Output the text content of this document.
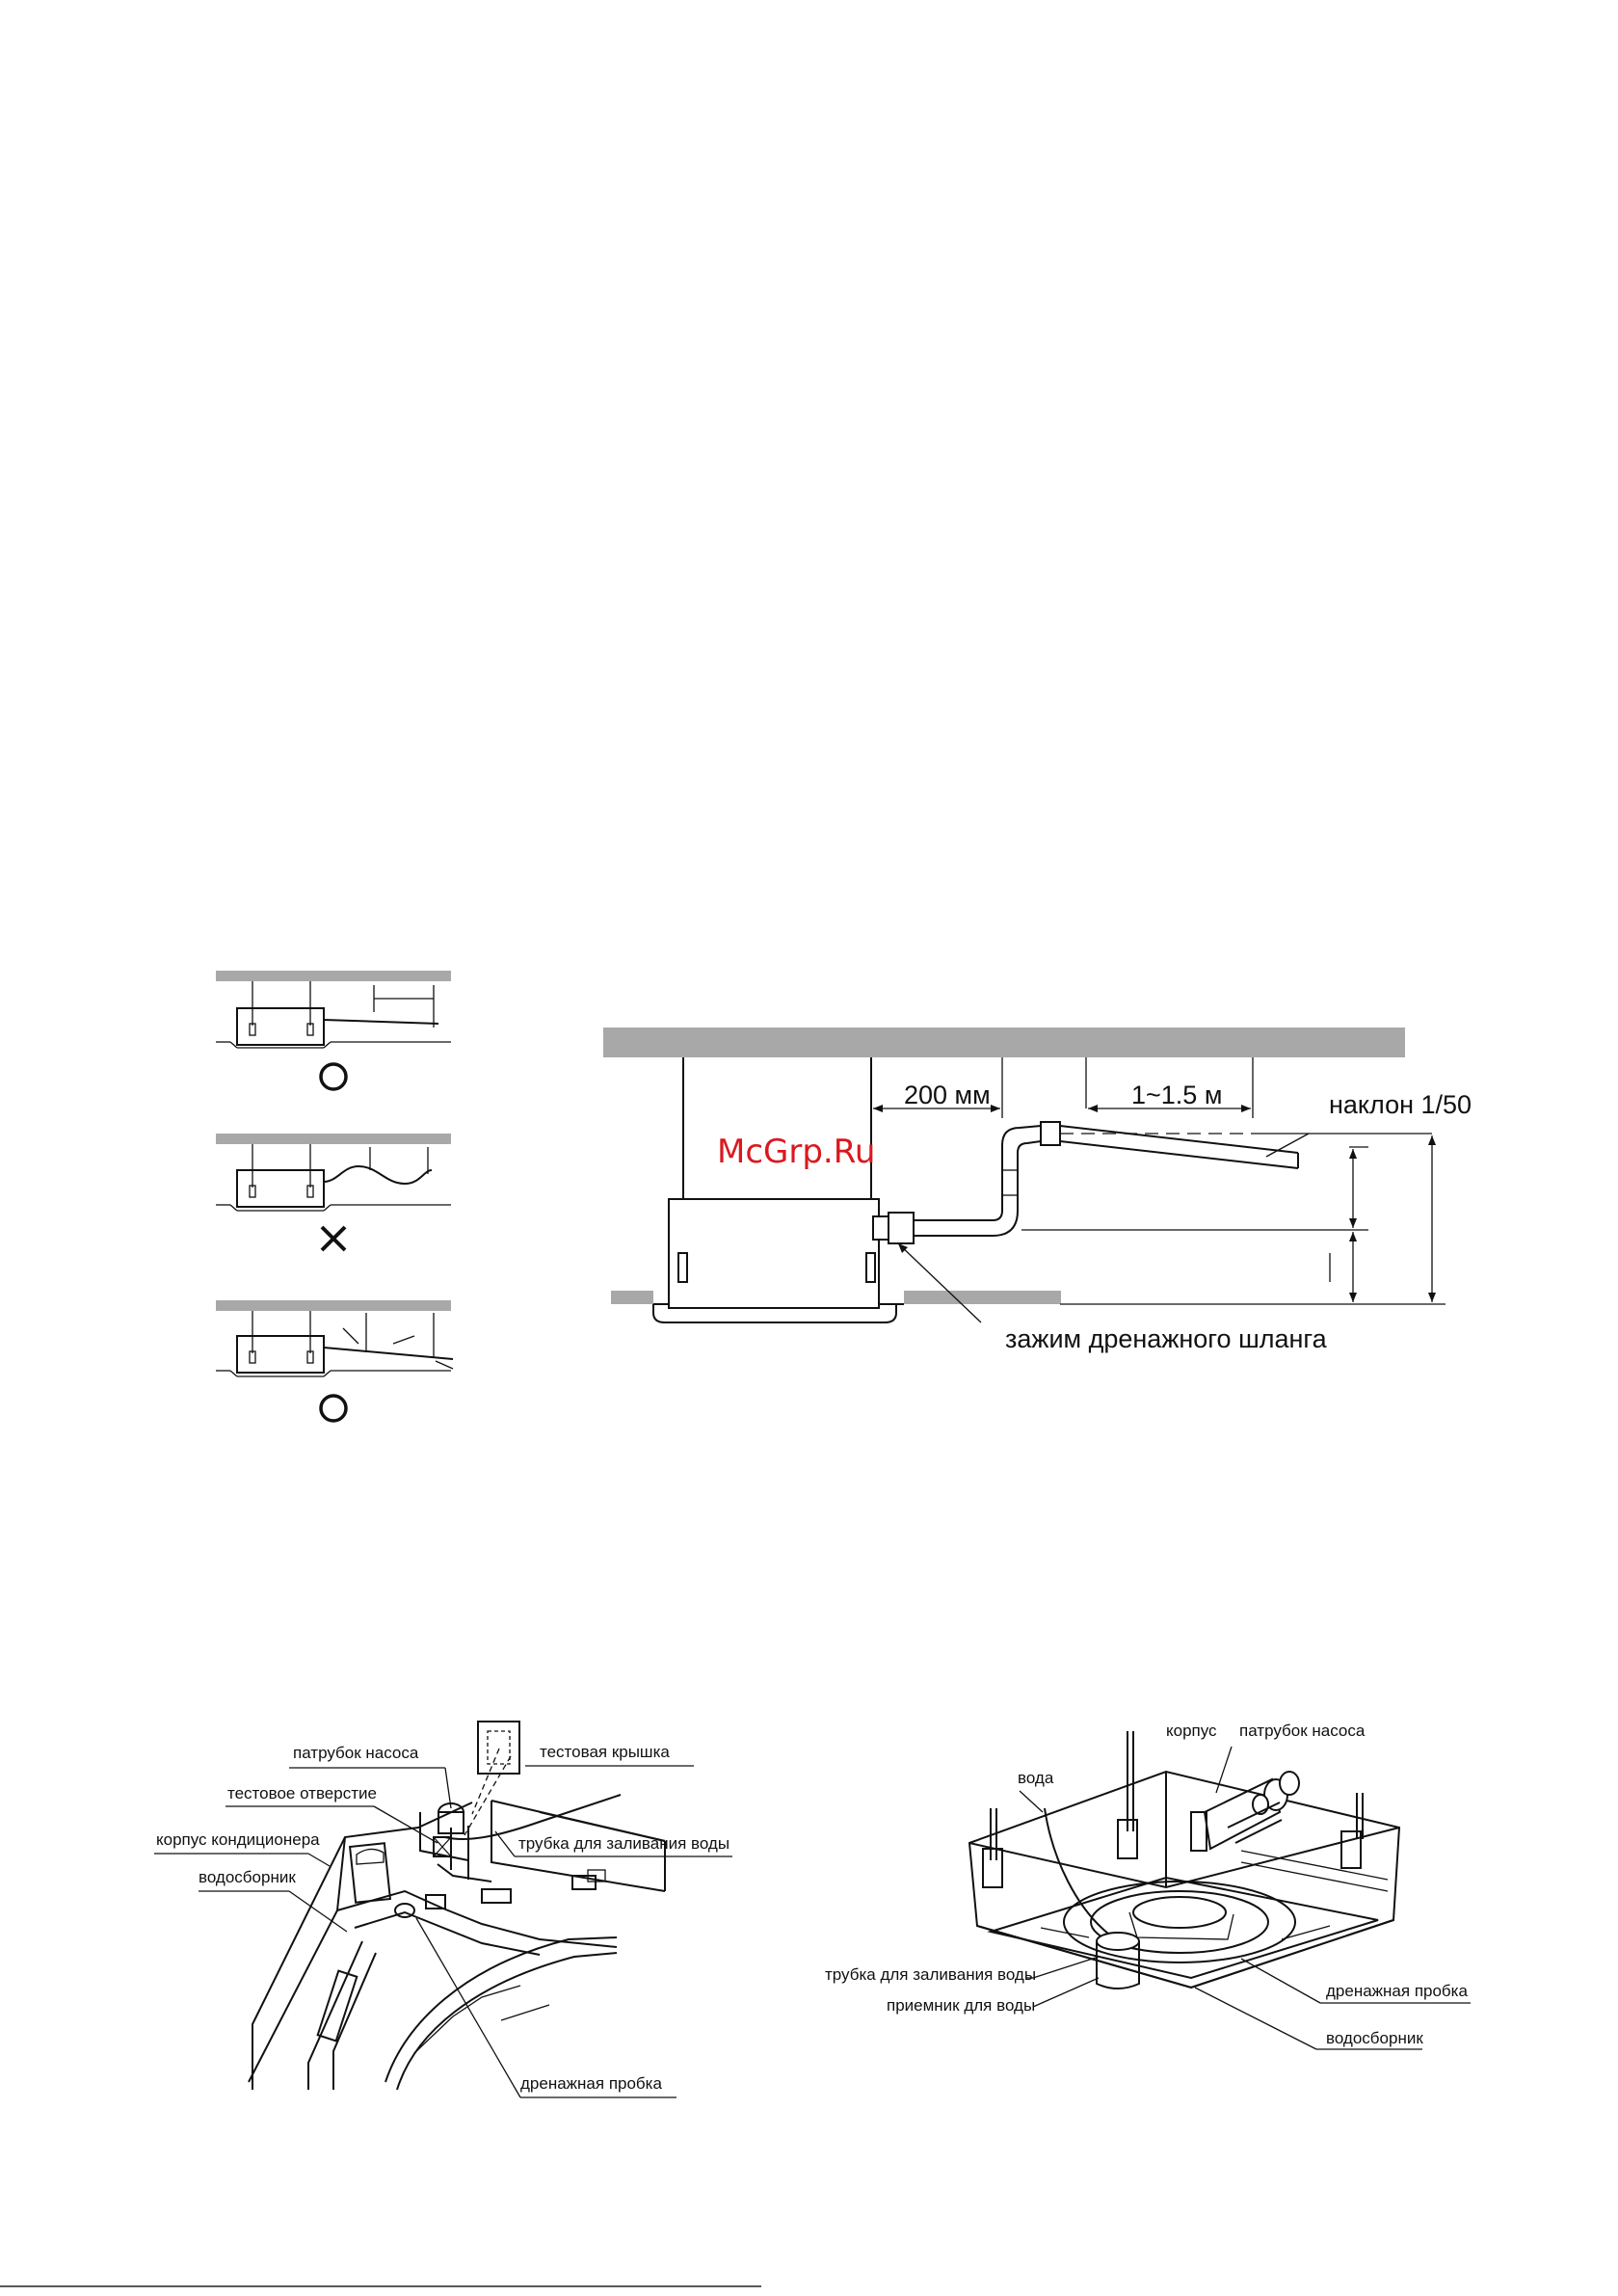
McGrp.Ru
200 мм	1~1.5 м	наклон 1/50
зажим дренажного шланга
патрубок насоса	тестовая крышка
тестовое отверстие
корпус кондиционера	трубка для заливания воды
водосборник
дренажная пробка
корпус патрубок насоса
вода
трубка для заливания воды
дренажная пробка
приемник для воды
водосборник
